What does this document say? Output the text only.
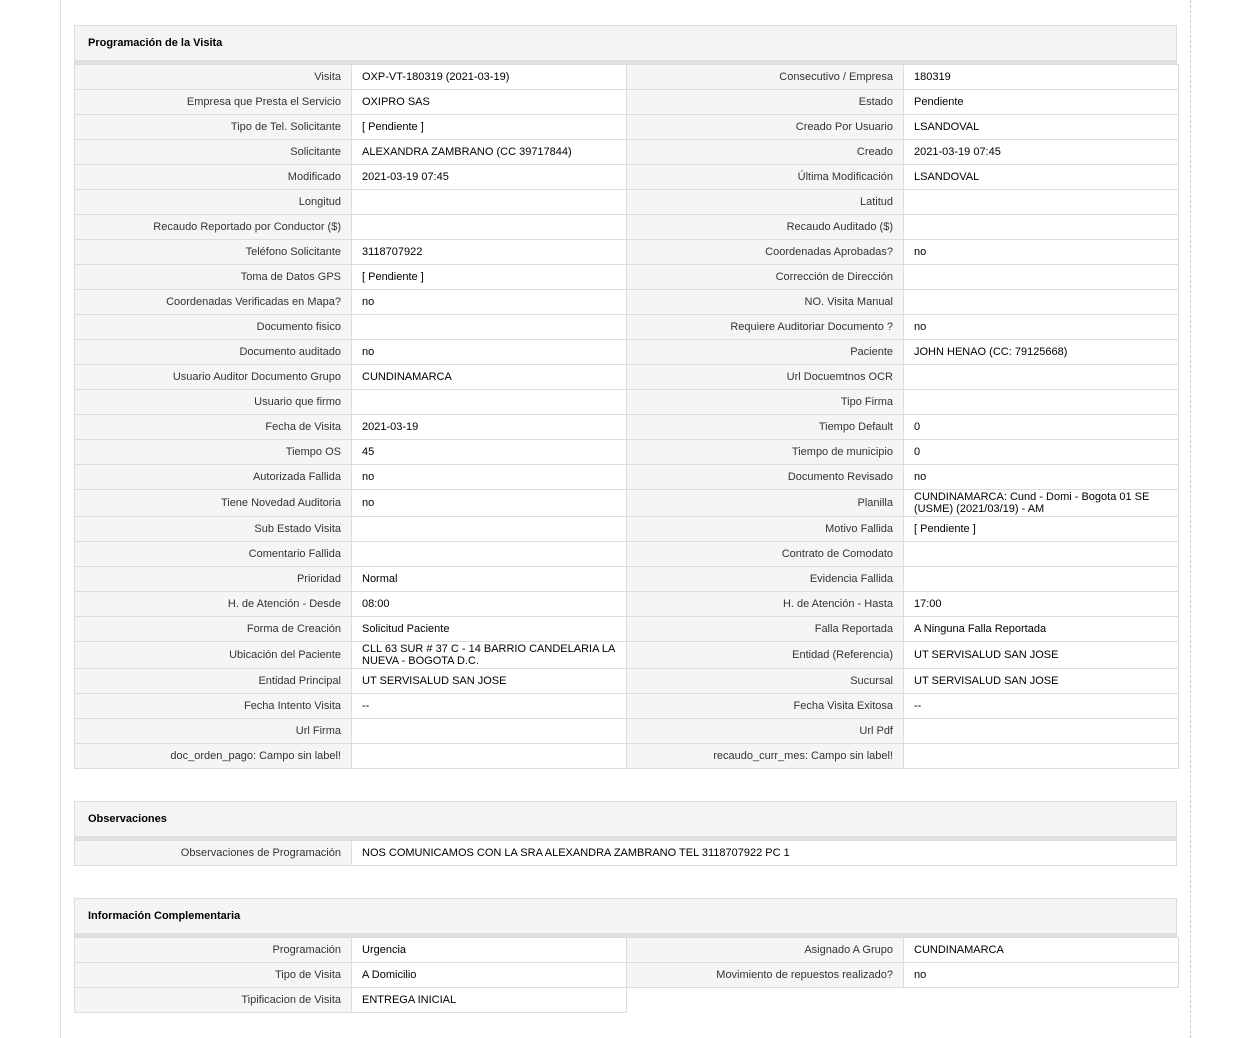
Programación de la Visita
Visita	OXP-VT-180319 (2021-03-19)	Consecutivo / Empresa	180319
Empresa que Presta el Servicio	OXIPRO SAS	Estado	Pendiente
Tipo de Tel. Solicitante	[ Pendiente ]	Creado Por Usuario	LSANDOVAL
Solicitante	ALEXANDRA ZAMBRANO (CC 39717844)	Creado	2021-03-19 07:45
Modificado	2021-03-19 07:45	Última Modificación	LSANDOVAL
Longitud		Latitud	
Recaudo Reportado por Conductor ($)		Recaudo Auditado ($)	
Teléfono Solicitante	3118707922	Coordenadas Aprobadas?	no
Toma de Datos GPS	[ Pendiente ]	Corrección de Dirección	
Coordenadas Verificadas en Mapa?	no	NO. Visita Manual	
Documento fisico		Requiere Auditoriar Documento ?	no
Documento auditado	no	Paciente	JOHN HENAO (CC: 79125668)
Usuario Auditor Documento Grupo	CUNDINAMARCA	Url Docuemtnos OCR	
Usuario que firmo		Tipo Firma	
Fecha de Visita	2021-03-19	Tiempo Default	0
Tiempo OS	45	Tiempo de municipio	0
Autorizada Fallida	no	Documento Revisado	no
Tiene Novedad Auditoria	no	Planilla	CUNDINAMARCA: Cund - Domi - Bogota 01 SE (USME) (2021/03/19) - AM
Sub Estado Visita		Motivo Fallida	[ Pendiente ]
Comentario Fallida		Contrato de Comodato	
Prioridad	Normal	Evidencia Fallida	
H. de Atención - Desde	08:00	H. de Atención - Hasta	17:00
Forma de Creación	Solicitud Paciente	Falla Reportada	A Ninguna Falla Reportada
Ubicación del Paciente	CLL 63 SUR # 37 C - 14 BARRIO CANDELARIA LA NUEVA - BOGOTA D.C.	Entidad (Referencia)	UT SERVISALUD SAN JOSE
Entidad Principal	UT SERVISALUD SAN JOSE	Sucursal	UT SERVISALUD SAN JOSE
Fecha Intento Visita	--	Fecha Visita Exitosa	--
Url Firma		Url Pdf	
doc_orden_pago: Campo sin label!		recaudo_curr_mes: Campo sin label!	
Observaciones
Observaciones de Programación	NOS COMUNICAMOS CON LA SRA ALEXANDRA ZAMBRANO TEL 3118707922 PC 1
Información Complementaria
Programación	Urgencia	Asignado A Grupo	CUNDINAMARCA
Tipo de Visita	A Domicilio	Movimiento de repuestos realizado?	no
Tipificacion de Visita	ENTREGA INICIAL		
